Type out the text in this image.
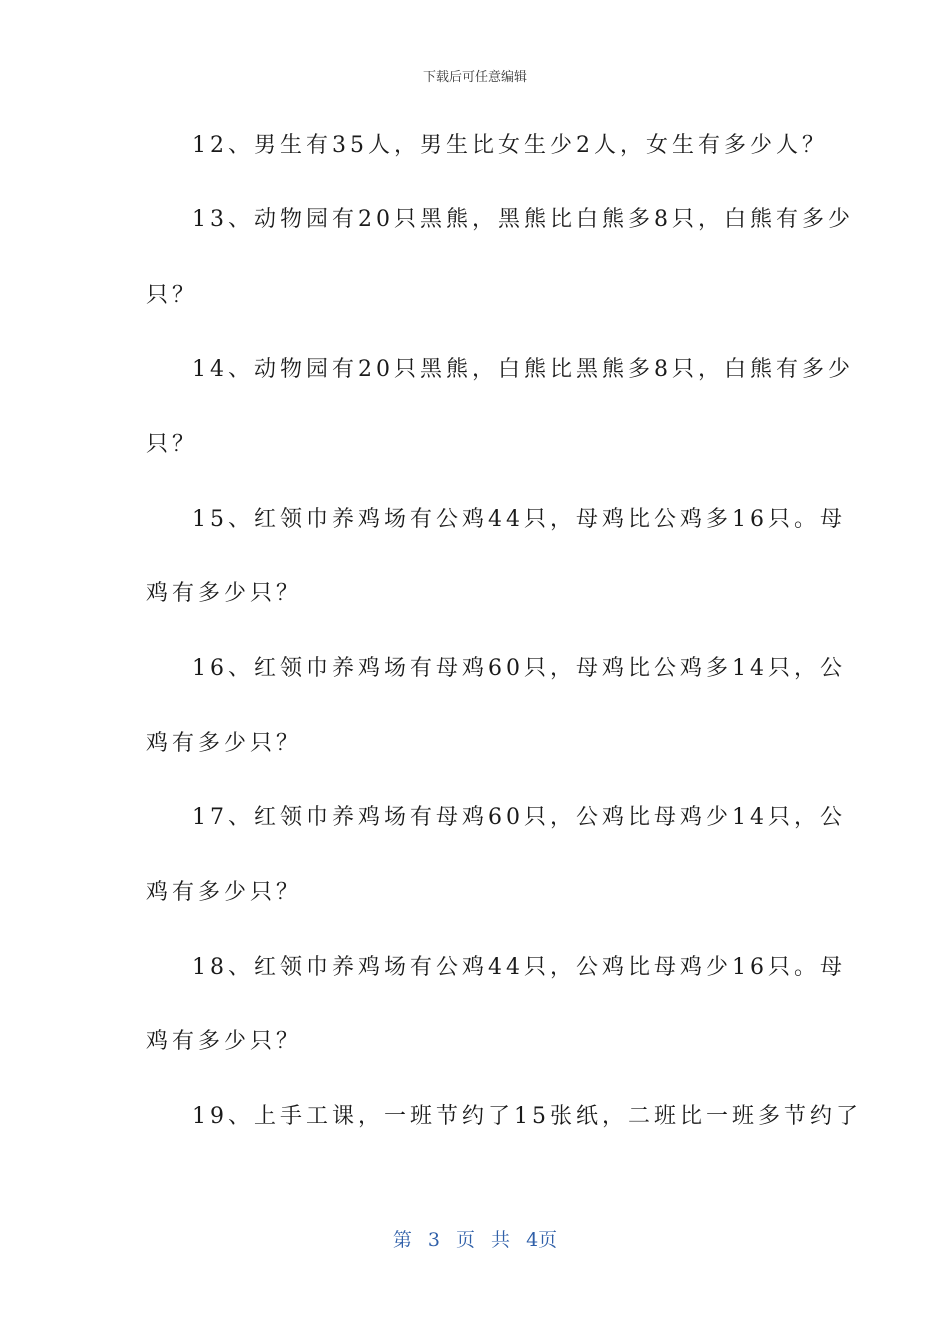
下载后可任意编辑
12、男生有35人，男生比女生少2人，女生有多少人？
13、动物园有20只黑熊，黑熊比白熊多8只，白熊有多少
只？
14、动物园有20只黑熊，白熊比黑熊多8只，白熊有多少
只？
15、红领巾养鸡场有公鸡44只，母鸡比公鸡多16只。母
鸡有多少只？
16、红领巾养鸡场有母鸡60只，母鸡比公鸡多14只，公
鸡有多少只？
17、红领巾养鸡场有母鸡60只，公鸡比母鸡少14只，公
鸡有多少只？
18、红领巾养鸡场有公鸡44只，公鸡比母鸡少16只。母
鸡有多少只？
19、上手工课，一班节约了15张纸，二班比一班多节约了
第 3 页 共 4页
